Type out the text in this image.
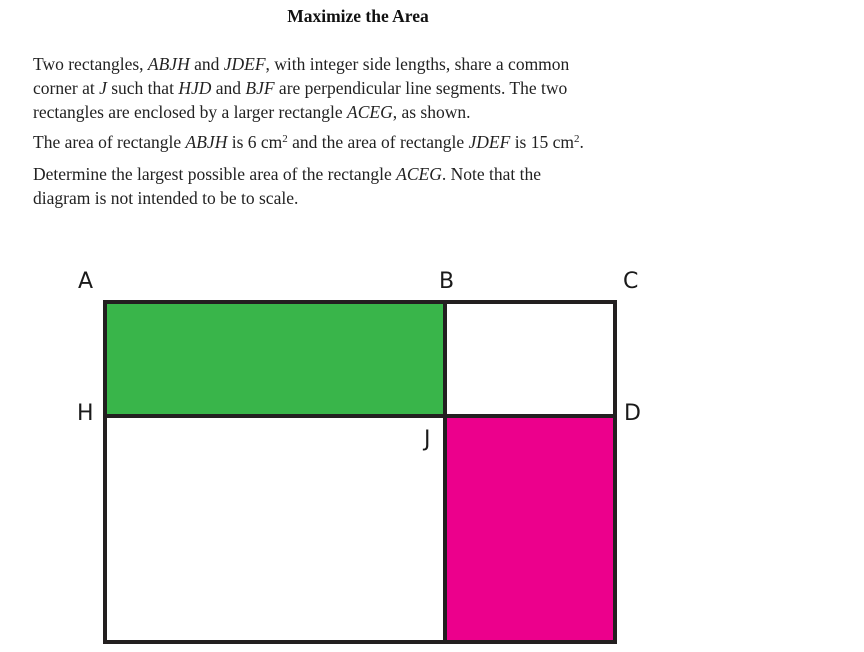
Maximize the Area
Two rectangles, ABJH and JDEF, with integer side lengths, share a common
corner at J such that HJD and BJF are perpendicular line segments. The two
rectangles are enclosed by a larger rectangle ACEG, as shown.
The area of rectangle ABJH is 6 $cm^2$ and the area of rectangle JDEF is 15 $cm^2$.
Determine the largest possible area of the rectangle ACEG. Note that the
diagram is not intended to be to scale.
A	B	C
H	D
J
